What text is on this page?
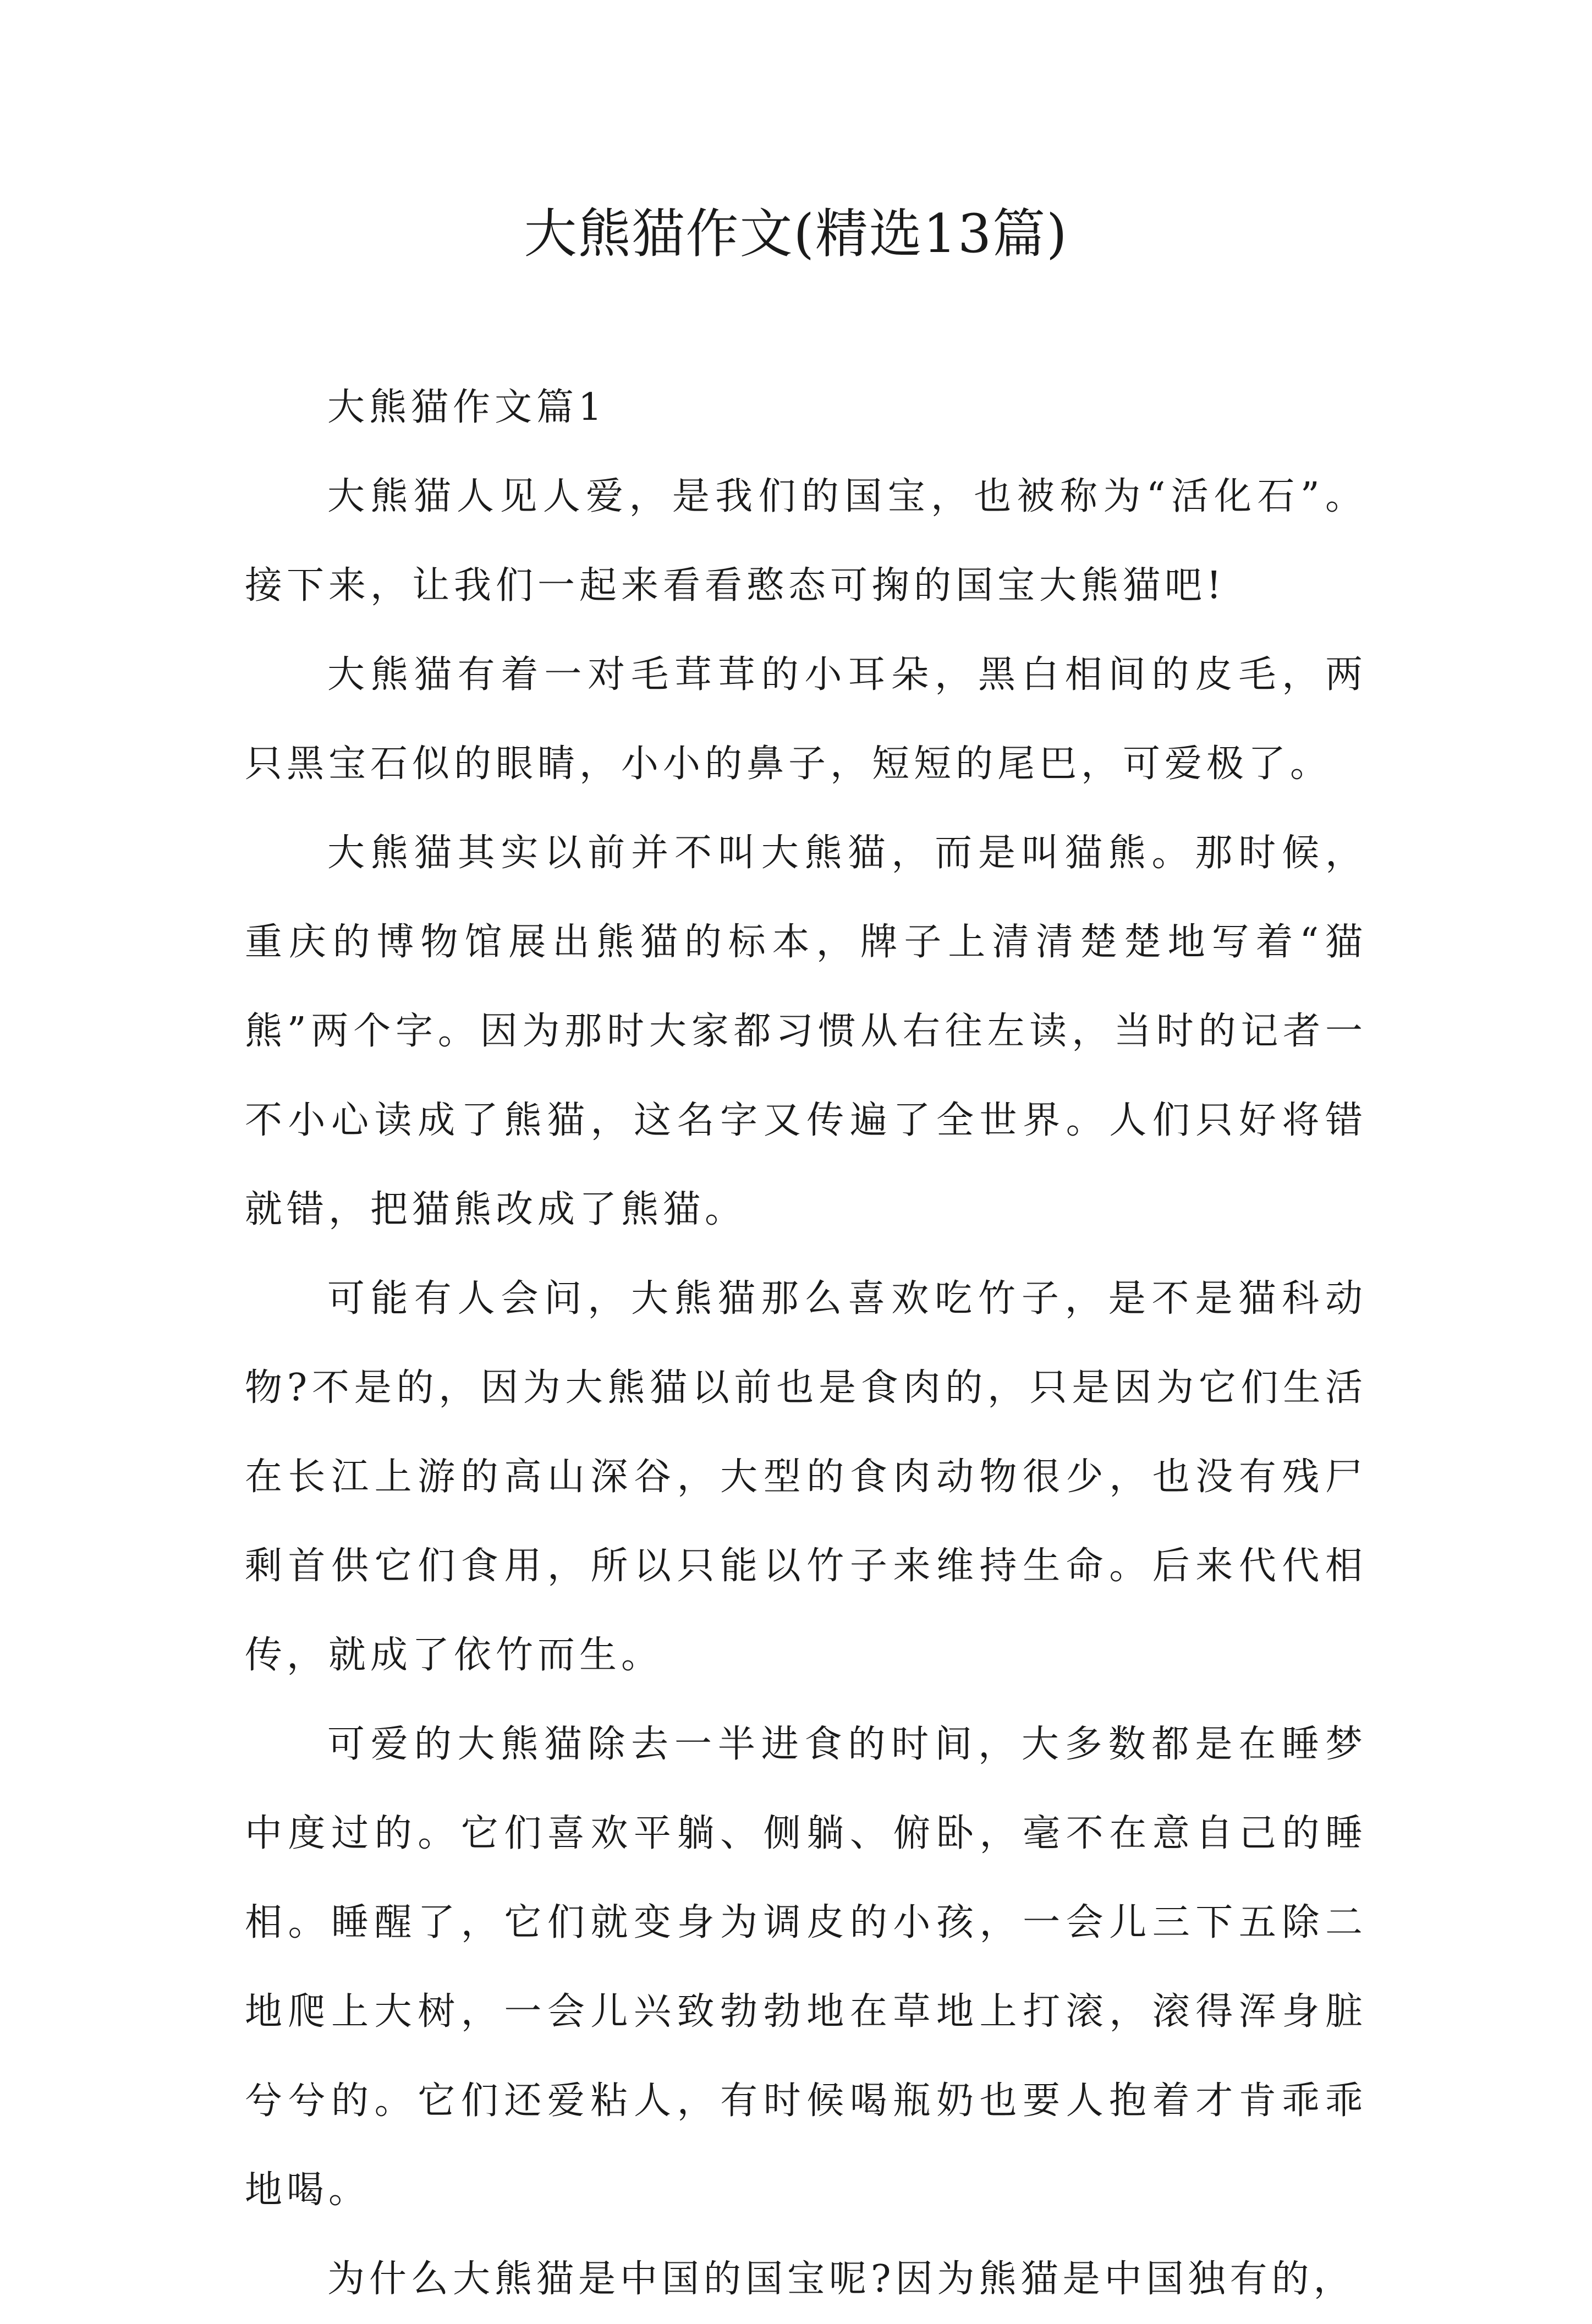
大熊猫作文(精选13篇)
大熊猫作文篇1

大熊猫人见人爱，是我们的国宝，也被称为“活化石”。接下来，让我们一起来看看憨态可掬的国宝大熊猫吧!

大熊猫有着一对毛茸茸的小耳朵，黑白相间的皮毛，两只黑宝石似的眼睛，小小的鼻子，短短的尾巴，可爱极了。

大熊猫其实以前并不叫大熊猫，而是叫猫熊。那时候，重庆的博物馆展出熊猫的标本，牌子上清清楚楚地写着“猫熊”两个字。因为那时大家都习惯从右往左读，当时的记者一不小心读成了熊猫，这名字又传遍了全世界。人们只好将错就错，把猫熊改成了熊猫。

可能有人会问，大熊猫那么喜欢吃竹子，是不是猫科动物?不是的，因为大熊猫以前也是食肉的，只是因为它们生活在长江上游的高山深谷，大型的食肉动物很少，也没有残尸剩首供它们食用，所以只能以竹子来维持生命。后来代代相传，就成了依竹而生。

可爱的大熊猫除去一半进食的时间，大多数都是在睡梦中度过的。它们喜欢平躺、侧躺、俯卧，毫不在意自己的睡相。睡醒了，它们就变身为调皮的小孩，一会儿三下五除二地爬上大树，一会儿兴致勃勃地在草地上打滚，滚得浑身脏兮兮的。它们还爱粘人，有时候喝瓶奶也要人抱着才肯乖乖地喝。

为什么大熊猫是中国的国宝呢?因为熊猫是中国独有的，
